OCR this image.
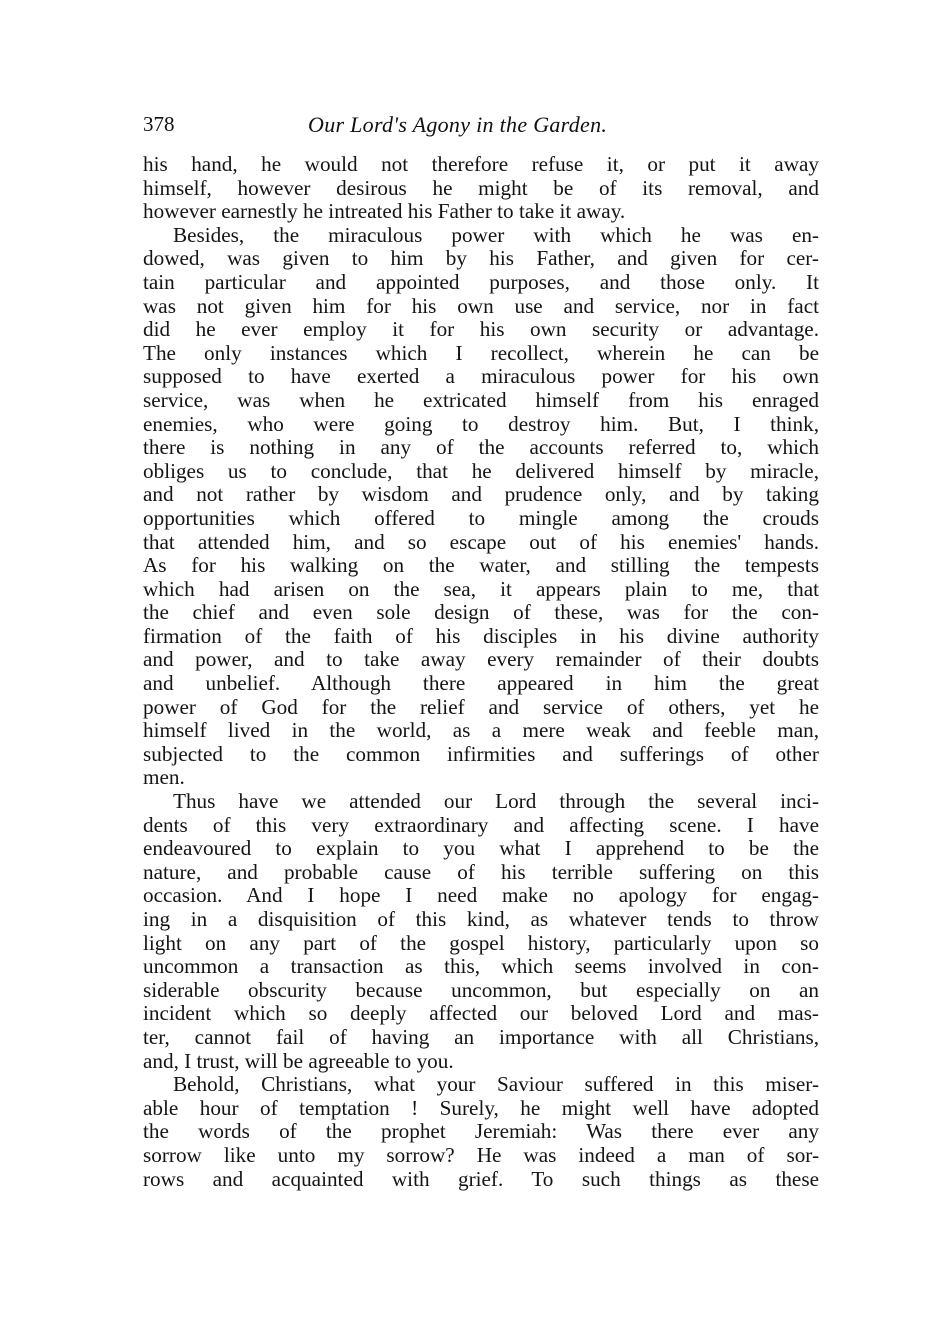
378	Our Lord's Agony in the Garden.
his hand, he would not therefore refuse it, or put it away
himself, however desirous he might be of its removal, and
however earnestly he intreated his Father to take it away.
Besides, the miraculous power with which he was en-
dowed, was given to him by his Father, and given for cer-
tain particular and appointed purposes, and those only. It
was not given him for his own use and service, nor in fact
did he ever employ it for his own security or advantage.
The only instances which I recollect, wherein he can be
supposed to have exerted a miraculous power for his own
service, was when he extricated himself from his enraged
enemies, who were going to destroy him. But, I think,
there is nothing in any of the accounts referred to, which
obliges us to conclude, that he delivered himself by miracle,
and not rather by wisdom and prudence only, and by taking
opportunities which offered to mingle among the crouds
that attended him, and so escape out of his enemies' hands.
As for his walking on the water, and stilling the tempests
which had arisen on the sea, it appears plain to me, that
the chief and even sole design of these, was for the con-
firmation of the faith of his disciples in his divine authority
and power, and to take away every remainder of their doubts
and unbelief. Although there appeared in him the great
power of God for the relief and service of others, yet he
himself lived in the world, as a mere weak and feeble man,
subjected to the common infirmities and sufferings of other
men.
Thus have we attended our Lord through the several inci-
dents of this very extraordinary and affecting scene. I have
endeavoured to explain to you what I apprehend to be the
nature, and probable cause of his terrible suffering on this
occasion. And I hope I need make no apology for engag-
ing in a disquisition of this kind, as whatever tends to throw
light on any part of the gospel history, particularly upon so
uncommon a transaction as this, which seems involved in con-
siderable obscurity because uncommon, but especially on an
incident which so deeply affected our beloved Lord and mas-
ter, cannot fail of having an importance with all Christians,
and, I trust, will be agreeable to you.
Behold, Christians, what your Saviour suffered in this miser-
able hour of temptation ! Surely, he might well have adopted
the words of the prophet Jeremiah: Was there ever any
sorrow like unto my sorrow? He was indeed a man of sor-
rows and acquainted with grief. To such things as these
